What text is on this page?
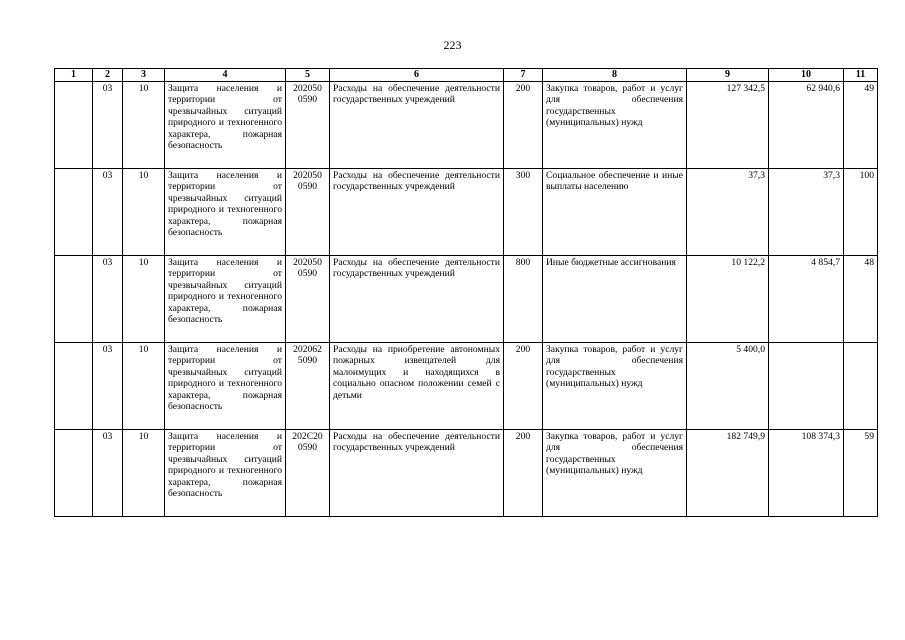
223
1	2	3	4	5	6	7	8	9	10	11
	03	10	Защита населения и территории от чрезвычайных ситуаций природного и техногенного характера, пожарная безопасность	202050 0590	Расходы на обеспечение деятельности государственных учреждений	200	Закупка товаров, работ и услуг для обеспечения государственных (муниципальных) нужд	127 342,5	62 940,6	49
	03	10	Защита населения и территории от чрезвычайных ситуаций природного и техногенного характера, пожарная безопасность	202050 0590	Расходы на обеспечение деятельности государственных учреждений	300	Социальное обеспечение и иные выплаты населению	37,3	37,3	100
	03	10	Защита населения и территории от чрезвычайных ситуаций природного и техногенного характера, пожарная безопасность	202050 0590	Расходы на обеспечение деятельности государственных учреждений	800	Иные бюджетные ассигнования	10 122,2	4 854,7	48
	03	10	Защита населения и территории от чрезвычайных ситуаций природного и техногенного характера, пожарная безопасность	202062 5090	Расходы на приобретение автономных пожарных извещателей для малоимущих и находящихся в социально опасном положении семей с детьми	200	Закупка товаров, работ и услуг для обеспечения государственных (муниципальных) нужд	5 400,0		
	03	10	Защита населения и территории от чрезвычайных ситуаций природного и техногенного характера, пожарная безопасность	202С20 0590	Расходы на обеспечение деятельности государственных учреждений	200	Закупка товаров, работ и услуг для обеспечения государственных (муниципальных) нужд	182 749,9	108 374,3	59
